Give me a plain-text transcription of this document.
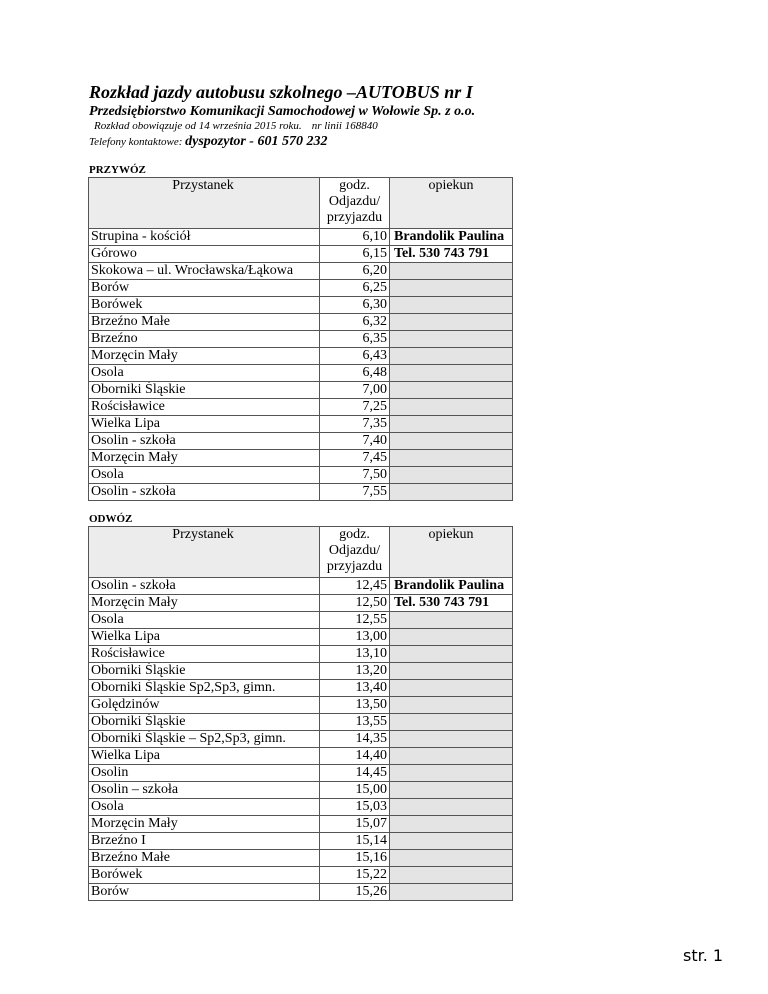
Rozkład jazdy autobusu szkolnego –AUTOBUS nr I
Przedsiębiorstwo Komunikacji Samochodowej w Wołowie Sp. z o.o.
Rozkład obowiązuje od 14 września 2015 roku. nr linii 168840
Telefony kontaktowe: dyspozytor - 601 570 232
PRZYWÓZ
Przystanek	godz.
Odjazdu/
przyjazdu	opiekun
Strupina - kościół	6,10	Brandolik Paulina
Górowo	6,15	Tel. 530 743 791
Skokowa – ul. Wrocławska/Łąkowa	6,20	
Borów	6,25	
Borówek	6,30	
Brzeźno Małe	6,32	
Brzeźno	6,35	
Morzęcin Mały	6,43	
Osola	6,48	
Oborniki Śląskie	7,00	
Rościsławice	7,25	
Wielka Lipa	7,35	
Osolin - szkoła	7,40	
Morzęcin Mały	7,45	
Osola	7,50	
Osolin - szkoła	7,55	
ODWÓZ
Przystanek	godz.
Odjazdu/
przyjazdu	opiekun
Osolin - szkoła	12,45	Brandolik Paulina
Morzęcin Mały	12,50	Tel. 530 743 791
Osola	12,55	
Wielka Lipa	13,00	
Rościsławice	13,10	
Oborniki Śląskie	13,20	
Oborniki Śląskie Sp2,Sp3, gimn.	13,40	
Golędzinów	13,50	
Oborniki Śląskie	13,55	
Oborniki Śląskie – Sp2,Sp3, gimn.	14,35	
Wielka Lipa	14,40	
Osolin	14,45	
Osolin – szkoła	15,00	
Osola	15,03	
Morzęcin Mały	15,07	
Brzeźno I	15,14	
Brzeźno Małe	15,16	
Borówek	15,22	
Borów	15,26	
str. 1
